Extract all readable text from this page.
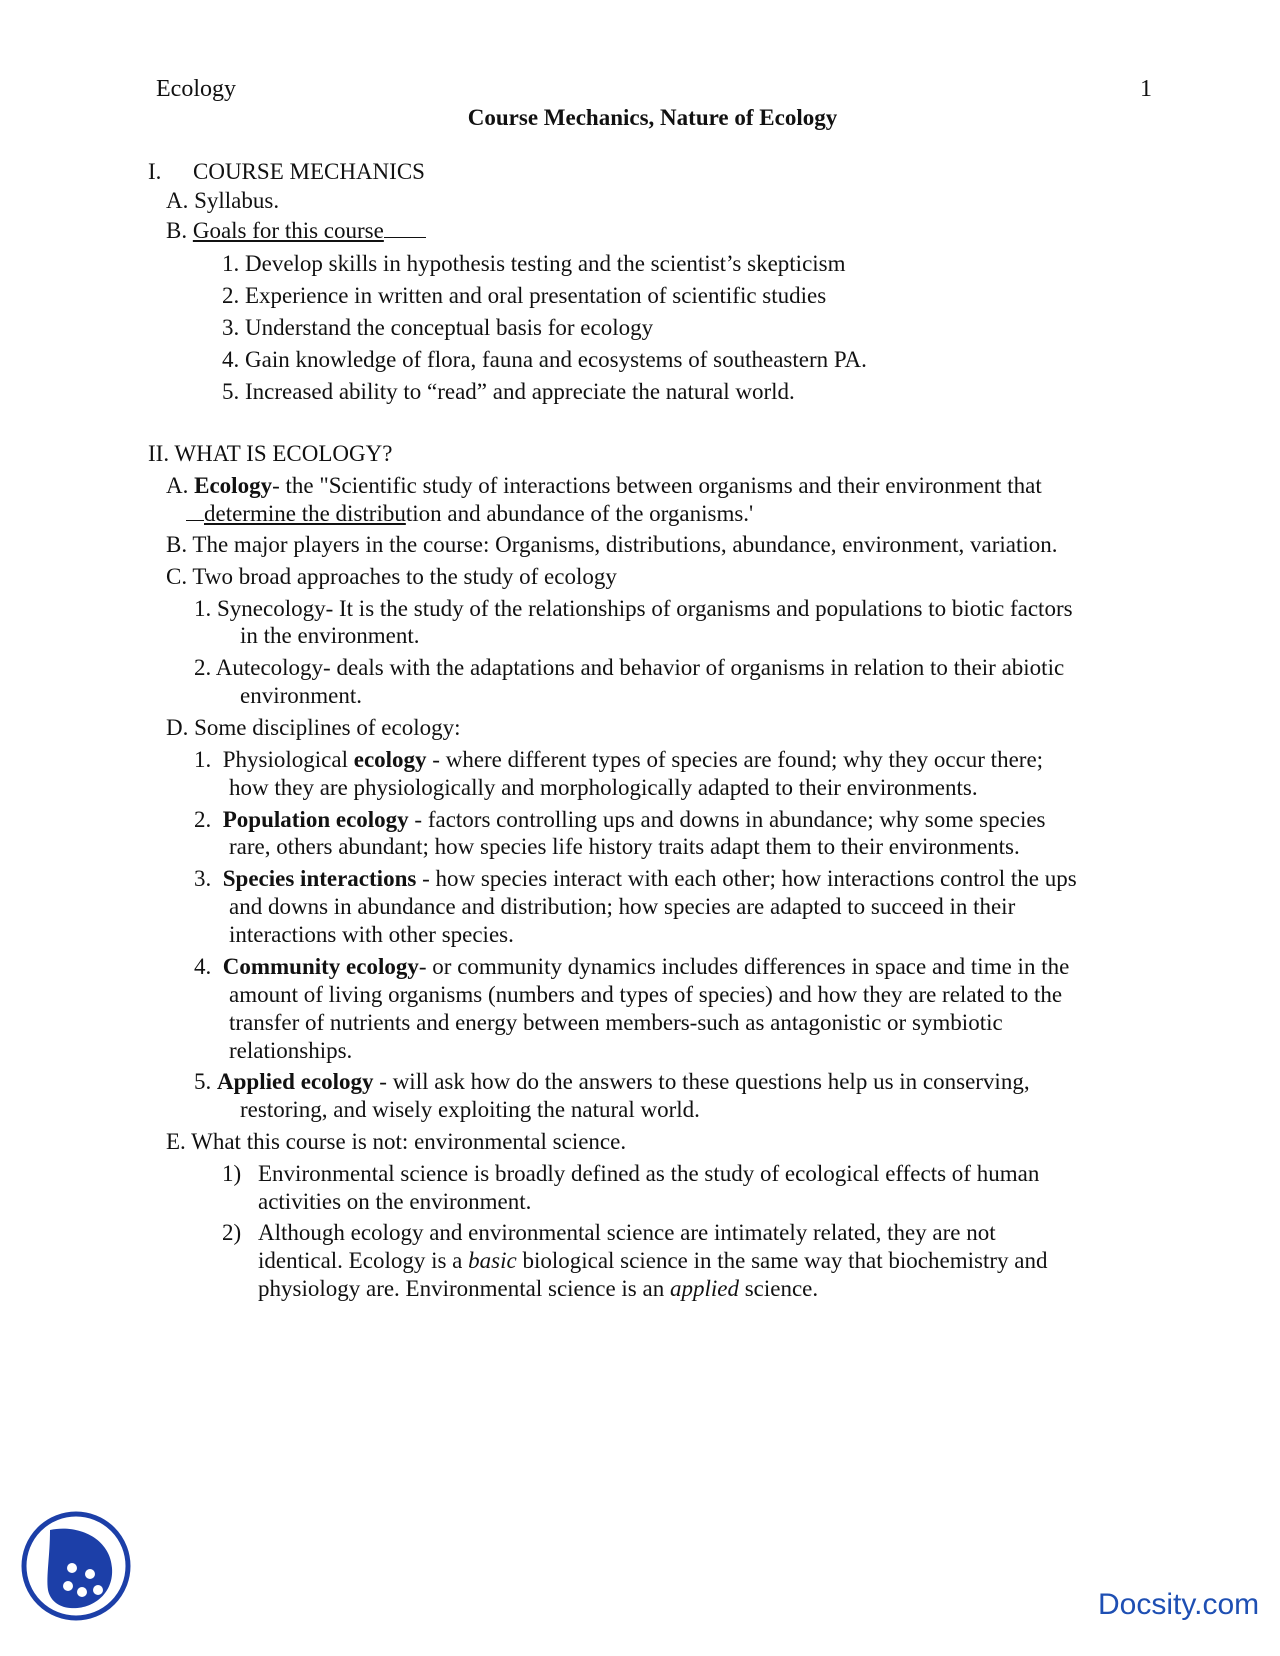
Ecology	1
Course Mechanics, Nature of Ecology
I. COURSE MECHANICS
A. Syllabus.
B. Goals for this course
1. Develop skills in hypothesis testing and the scientist’s skepticism
2. Experience in written and oral presentation of scientific studies
3. Understand the conceptual basis for ecology
4. Gain knowledge of flora, fauna and ecosystems of southeastern PA.
5. Increased ability to “read” and appreciate the natural world.
II. WHAT IS ECOLOGY?
A. Ecology- the "Scientific study of interactions between organisms and their environment that
determine the distribution and abundance of the organisms.'
B. The major players in the course: Organisms, distributions, abundance, environment, variation.
C. Two broad approaches to the study of ecology
1. Synecology- It is the study of the relationships of organisms and populations to biotic factors
in the environment.
2. Autecology- deals with the adaptations and behavior of organisms in relation to their abiotic
environment.
D. Some disciplines of ecology:
1. Physiological ecology - where different types of species are found; why they occur there;
how they are physiologically and morphologically adapted to their environments.
2. Population ecology - factors controlling ups and downs in abundance; why some species
rare, others abundant; how species life history traits adapt them to their environments.
3. Species interactions - how species interact with each other; how interactions control the ups
and downs in abundance and distribution; how species are adapted to succeed in their
interactions with other species.
4. Community ecology- or community dynamics includes differences in space and time in the
amount of living organisms (numbers and types of species) and how they are related to the
transfer of nutrients and energy between members-such as antagonistic or symbiotic
relationships.
5. Applied ecology - will ask how do the answers to these questions help us in conserving,
restoring, and wisely exploiting the natural world.
E. What this course is not: environmental science.
1) Environmental science is broadly defined as the study of ecological effects of human
activities on the environment.
2) Although ecology and environmental science are intimately related, they are not
identical. Ecology is a basic biological science in the same way that biochemistry and
physiology are. Environmental science is an applied science.
Docsity.com
